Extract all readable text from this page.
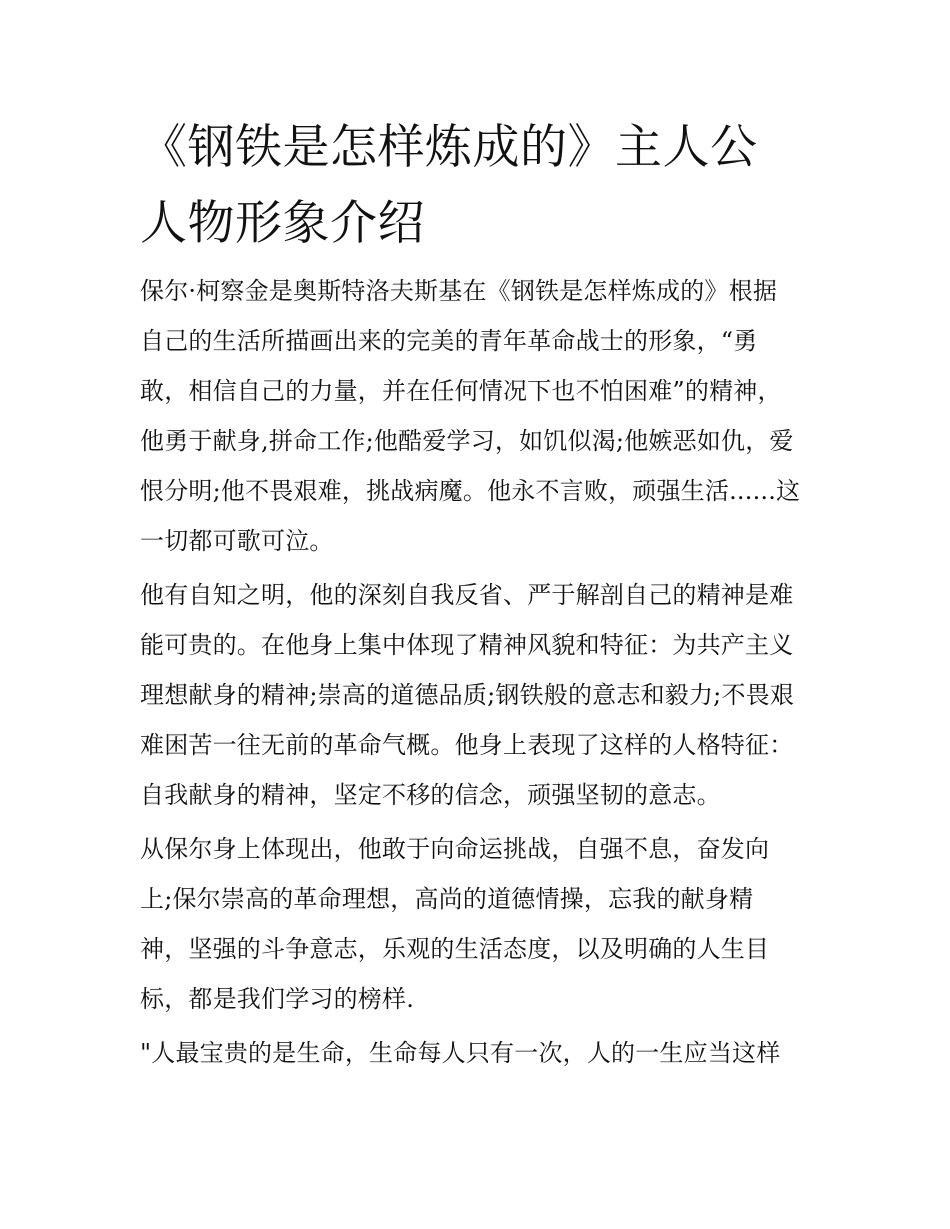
《钢铁是怎样炼成的》主人公
人物形象介绍
保尔·柯察金是奥斯特洛夫斯基在《钢铁是怎样炼成的》根据
自己的生活所描画出来的完美的青年革命战士的形象，“勇
敢，相信自己的力量，并在任何情况下也不怕困难”的精神，
他勇于献身,拼命工作;他酷爱学习，如饥似渴;他嫉恶如仇，爱
恨分明;他不畏艰难，挑战病魔。他永不言败，顽强生活......这
一切都可歌可泣。
他有自知之明，他的深刻自我反省、严于解剖自己的精神是难
能可贵的。在他身上集中体现了精神风貌和特征：为共产主义
理想献身的精神;崇高的道德品质;钢铁般的意志和毅力;不畏艰
难困苦一往无前的革命气概。他身上表现了这样的人格特征：
自我献身的精神，坚定不移的信念，顽强坚韧的意志。
从保尔身上体现出，他敢于向命运挑战，自强不息，奋发向
上;保尔崇高的革命理想，高尚的道德情操，忘我的献身精
神，坚强的斗争意志，乐观的生活态度，以及明确的人生目
标，都是我们学习的榜样.
"人最宝贵的是生命，生命每人只有一次，人的一生应当这样
